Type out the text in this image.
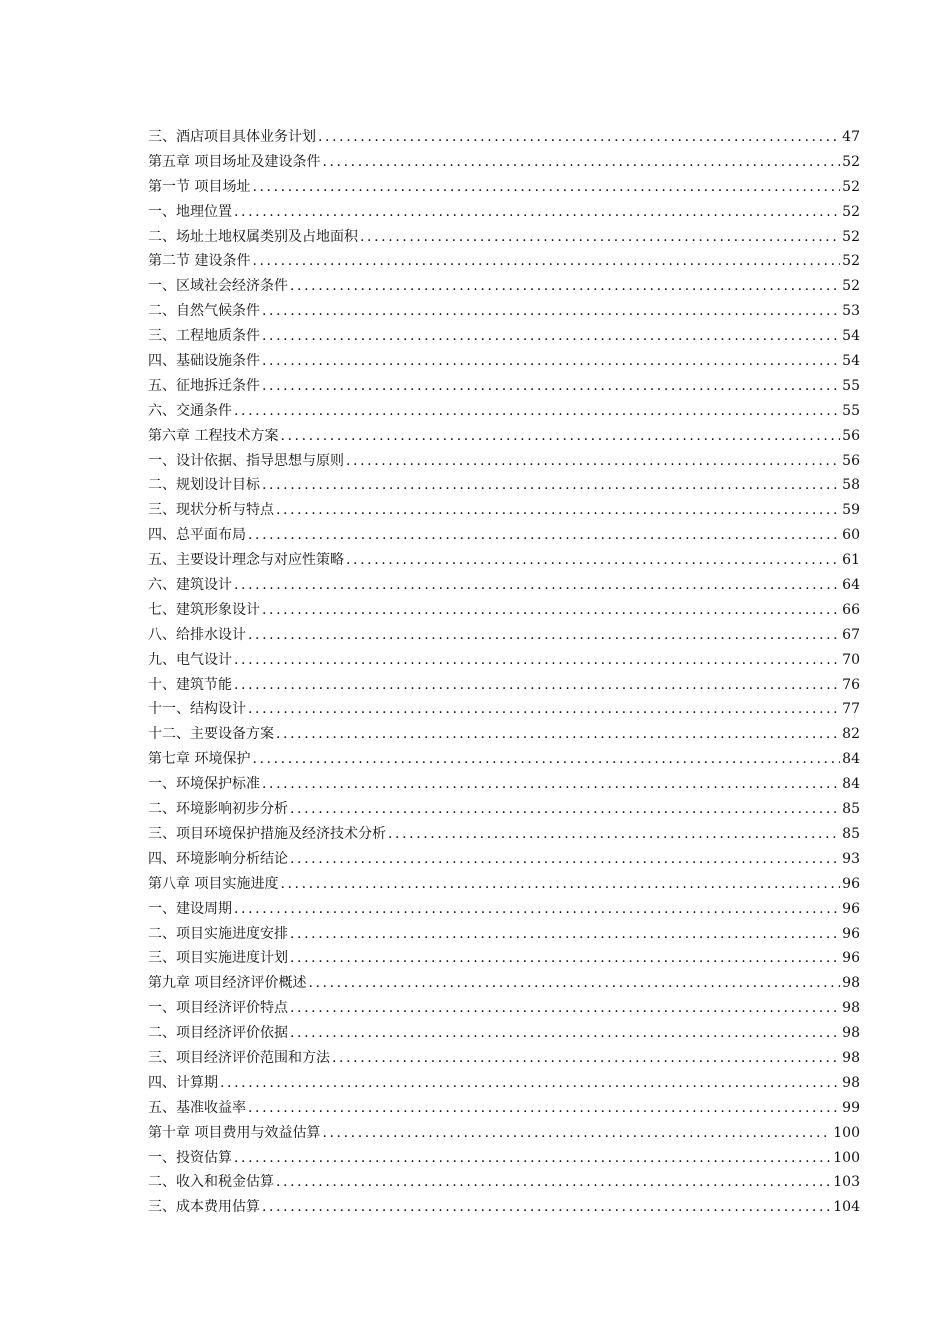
三、酒店项目具体业务计划 .....	47
第五章 项目场址及建设条件 .....	52
第一节 项目场址 .....	52
一、地理位置 .....	52
二、场址土地权属类别及占地面积 .....	52
第二节 建设条件 .....	52
一、区域社会经济条件 .....	52
二、自然气候条件 .....	53
三、工程地质条件 .....	54
四、基础设施条件 .....	54
五、征地拆迁条件 .....	55
六、交通条件 .....	55
第六章 工程技术方案 .....	56
一、设计依据、指导思想与原则 .....	56
二、规划设计目标 .....	58
三、现状分析与特点 .....	59
四、总平面布局 .....	60
五、主要设计理念与对应性策略 .....	61
六、建筑设计 .....	64
七、建筑形象设计 .....	66
八、给排水设计 .....	67
九、电气设计 .....	70
十、建筑节能 .....	76
十一、结构设计 .....	77
十二、主要设备方案 .....	82
第七章 环境保护 .....	84
一、环境保护标准 .....	84
二、环境影响初步分析 .....	85
三、项目环境保护措施及经济技术分析 .....	85
四、环境影响分析结论 .....	93
第八章 项目实施进度 .....	96
一、建设周期 .....	96
二、项目实施进度安排 .....	96
三、项目实施进度计划 .....	96
第九章 项目经济评价概述 .....	98
一、项目经济评价特点 .....	98
二、项目经济评价依据 .....	98
三、项目经济评价范围和方法 .....	98
四、计算期 .....	98
五、基准收益率 .....	99
第十章 项目费用与效益估算 .....	100
一、投资估算 .....	100
二、收入和税金估算 .....	103
三、成本费用估算 .....	104
